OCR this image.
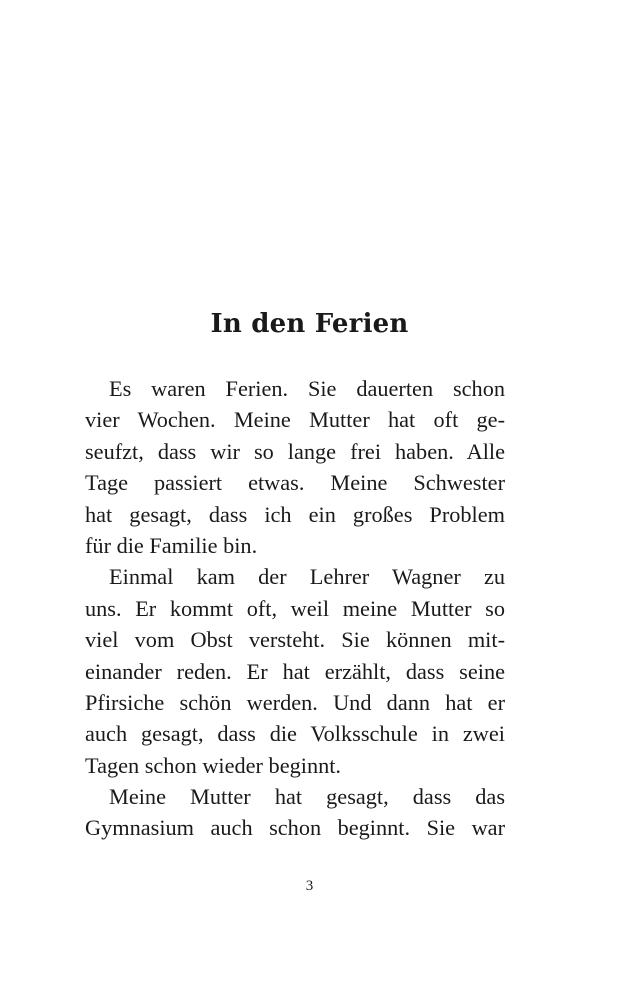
In den Ferien
Es waren Ferien. Sie dauerten schon
vier Wochen. Meine Mutter hat oft ge-
seufzt, dass wir so lange frei haben. Alle
Tage passiert etwas. Meine Schwester
hat gesagt, dass ich ein großes Problem
für die Familie bin.
Einmal kam der Lehrer Wagner zu
uns. Er kommt oft, weil meine Mutter so
viel vom Obst versteht. Sie können mit-
einander reden. Er hat erzählt, dass seine
Pfirsiche schön werden. Und dann hat er
auch gesagt, dass die Volksschule in zwei
Tagen schon wieder beginnt.
Meine Mutter hat gesagt, dass das
Gymnasium auch schon beginnt. Sie war
3
